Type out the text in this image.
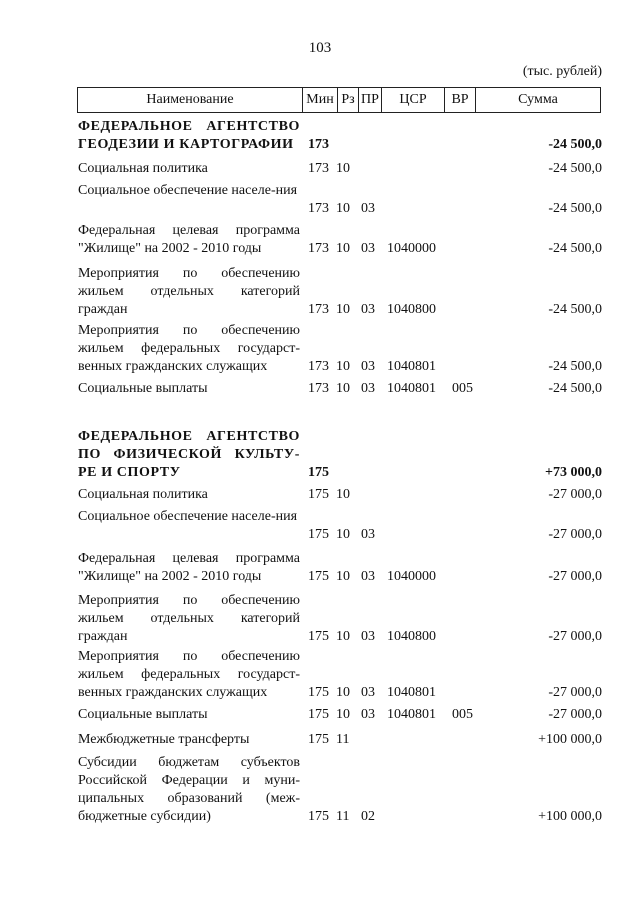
103
(тыс. рублей)
Наименование	Мин Рз ПР	ЦСР	ВР	Сумма
ФЕДЕРАЛЬНОЕ АГЕНТСТВО ГЕОДЕЗИИ И КАРТОГРАФИИ	173	-24 500,0
Социальная политика	173 10	-24 500,0
Социальное обеспечение населе-ния
173 10 03	-24 500,0
Федеральная целевая программа "Жилище" на 2002 - 2010 годы	173 10 03 1040000	-24 500,0
Мероприятия по обеспечению жильем отдельных категорий граждан	173 10 03 1040800	-24 500,0
Мероприятия по обеспечению жильем федеральных государст-венных гражданских служащих	173 10 03 1040801	-24 500,0
Социальные выплаты	173 10 03 1040801 005	-24 500,0
ФЕДЕРАЛЬНОЕ АГЕНТСТВО ПО ФИЗИЧЕСКОЙ КУЛЬТУ-РЕ И СПОРТУ	175	+73 000,0
Социальная политика	175 10	-27 000,0
Социальное обеспечение населе-ния
175 10 03	-27 000,0
Федеральная целевая программа "Жилище" на 2002 - 2010 годы	175 10 03 1040000	-27 000,0
Мероприятия по обеспечению жильем отдельных категорий граждан	175 10 03 1040800	-27 000,0
Мероприятия по обеспечению жильем федеральных государст-венных гражданских служащих	175 10 03 1040801	-27 000,0
Социальные выплаты	175 10 03 1040801 005	-27 000,0
Межбюджетные трансферты	175 11	+100 000,0
Субсидии бюджетам субъектов Российской Федерации и муни-ципальных образований (меж-бюджетные субсидии)	175 11 02	+100 000,0
